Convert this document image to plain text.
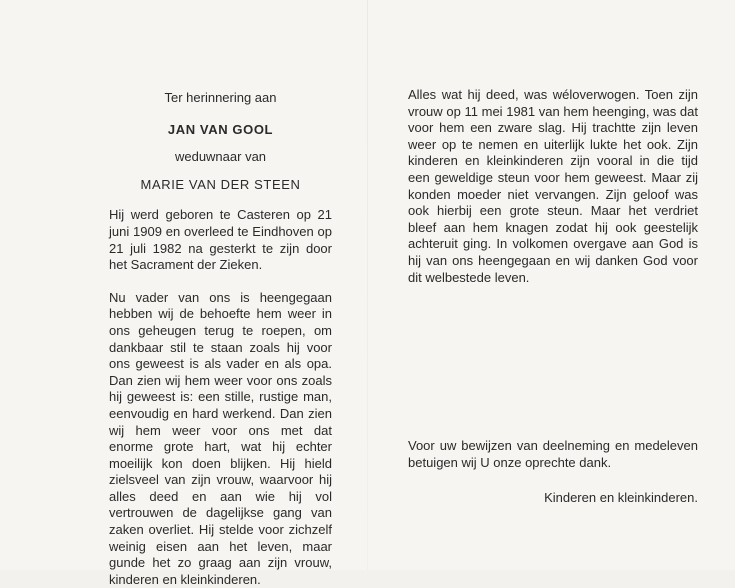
Ter herinnering aan
JAN VAN GOOL
weduwnaar van
MARIE VAN DER STEEN

Hij werd geboren te Casteren op 21 juni 1909 en overleed te Eindhoven op 21 juli 1982 na gesterkt te zijn door het Sacrament der Zieken.

Nu vader van ons is heengegaan hebben wij de behoefte hem weer in ons geheugen terug te roepen, om dankbaar stil te staan zoals hij voor ons geweest is als vader en als opa. Dan zien wij hem weer voor ons zoals hij geweest is: een stille, rustige man, eenvoudig en hard werkend. Dan zien wij hem weer voor ons met dat enorme grote hart, wat hij echter moeilijk kon doen blijken. Hij hield zielsveel van zijn vrouw, waarvoor hij alles deed en aan wie hij vol vertrouwen de dagelijkse gang van zaken overliet. Hij stelde voor zichzelf weinig eisen aan het leven, maar gunde het zo graag aan zijn vrouw, kinderen en kleinkinderen.

Alles wat hij deed, was wéloverwogen. Toen zijn vrouw op 11 mei 1981 van hem heenging, was dat voor hem een zware slag. Hij trachtte zijn leven weer op te nemen en uiterlijk lukte het ook. Zijn kinderen en kleinkinderen zijn vooral in die tijd een geweldige steun voor hem geweest. Maar zij konden moeder niet vervangen. Zijn geloof was ook hierbij een grote steun. Maar het verdriet bleef aan hem knagen zodat hij ook geestelijk achteruit ging. In volkomen overgave aan God is hij van ons heengegaan en wij danken God voor dit welbestede leven.

Voor uw bewijzen van deelneming en medeleven betuigen wij U onze oprechte dank.

Kinderen en kleinkinderen.
